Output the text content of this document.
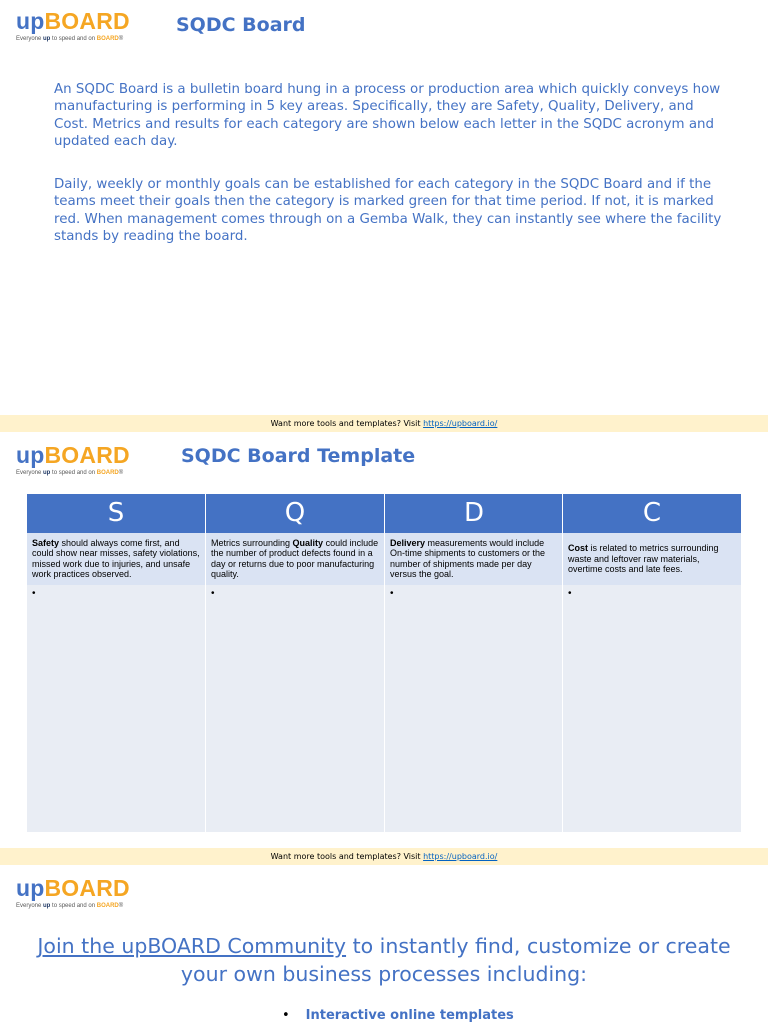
upBOARD
Everyone up to speed and on BOARD®
SQDC Board

An SQDC Board is a bulletin board hung in a process or production area which quickly conveys how manufacturing is performing in 5 key areas. Specifically, they are Safety, Quality, Delivery, and Cost. Metrics and results for each category are shown below each letter in the SQDC acronym and updated each day.

Daily, weekly or monthly goals can be established for each category in the SQDC Board and if the teams meet their goals then the category is marked green for that time period. If not, it is marked red. When management comes through on a Gemba Walk, they can instantly see where the facility stands by reading the board.

Want more tools and templates? Visit https://upboard.io/
upBOARD
Everyone up to speed and on BOARD®
SQDC Board Template
S
Safety should always come first, and could show near misses, safety violations, missed work due to injuries, and unsafe work practices observed.
•
Q
Metrics surrounding Quality could include the number of product defects found in a day or returns due to poor manufacturing quality.
•
D
Delivery measurements would include On-time shipments to customers or the number of shipments made per day versus the goal.
•
C
Cost is related to metrics surrounding waste and leftover raw materials, overtime costs and late fees.
•
Want more tools and templates? Visit https://upboard.io/
upBOARD
Everyone up to speed and on BOARD®
Join the upBOARD Community to instantly find, customize or create your own business processes including:
• Interactive online templates
